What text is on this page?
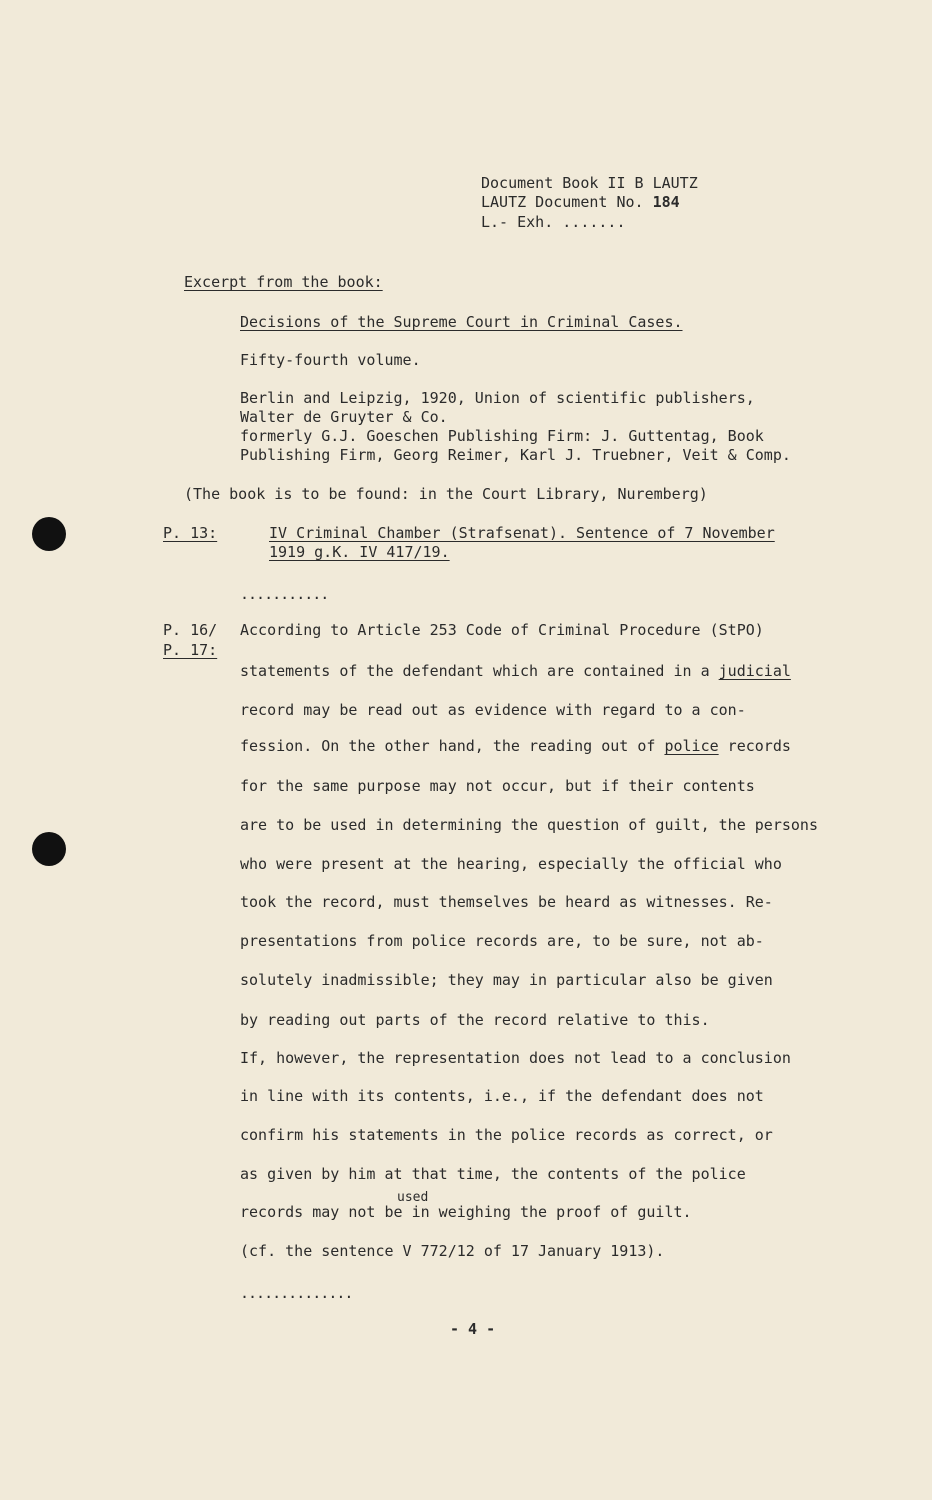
Document Book II B LAUTZ
LAUTZ Document No. 184
L.- Exh. .......
Excerpt from the book:
Decisions of the Supreme Court in Criminal Cases.
Fifty-fourth volume.
Berlin and Leipzig, 1920, Union of scientific publishers,
Walter de Gruyter & Co.
formerly G.J. Goeschen Publishing Firm: J. Guttentag, Book
Publishing Firm, Georg Reimer, Karl J. Truebner, Veit & Comp.
(The book is to be found: in the Court Library, Nuremberg)
P. 13:	IV Criminal Chamber (Strafsenat). Sentence of 7 November
1919 g.K. IV 417/19.
...........
P. 16/
P. 17:
According to Article 253 Code of Criminal Procedure (StPO)
statements of the defendant which are contained in a judicial
record may be read out as evidence with regard to a con-
fession. On the other hand, the reading out of police records
for the same purpose may not occur, but if their contents
are to be used in determining the question of guilt, the persons
who were present at the hearing, especially the official who
took the record, must themselves be heard as witnesses. Re-
presentations from police records are, to be sure, not ab-
solutely inadmissible; they may in particular also be given
by reading out parts of the record relative to this.
If, however, the representation does not lead to a conclusion
in line with its contents, i.e., if the defendant does not
confirm his statements in the police records as correct, or
as given by him at that time, the contents of the police
used
records may not be in weighing the proof of guilt.
(cf. the sentence V 772/12 of 17 January 1913).
..............
- 4 -
